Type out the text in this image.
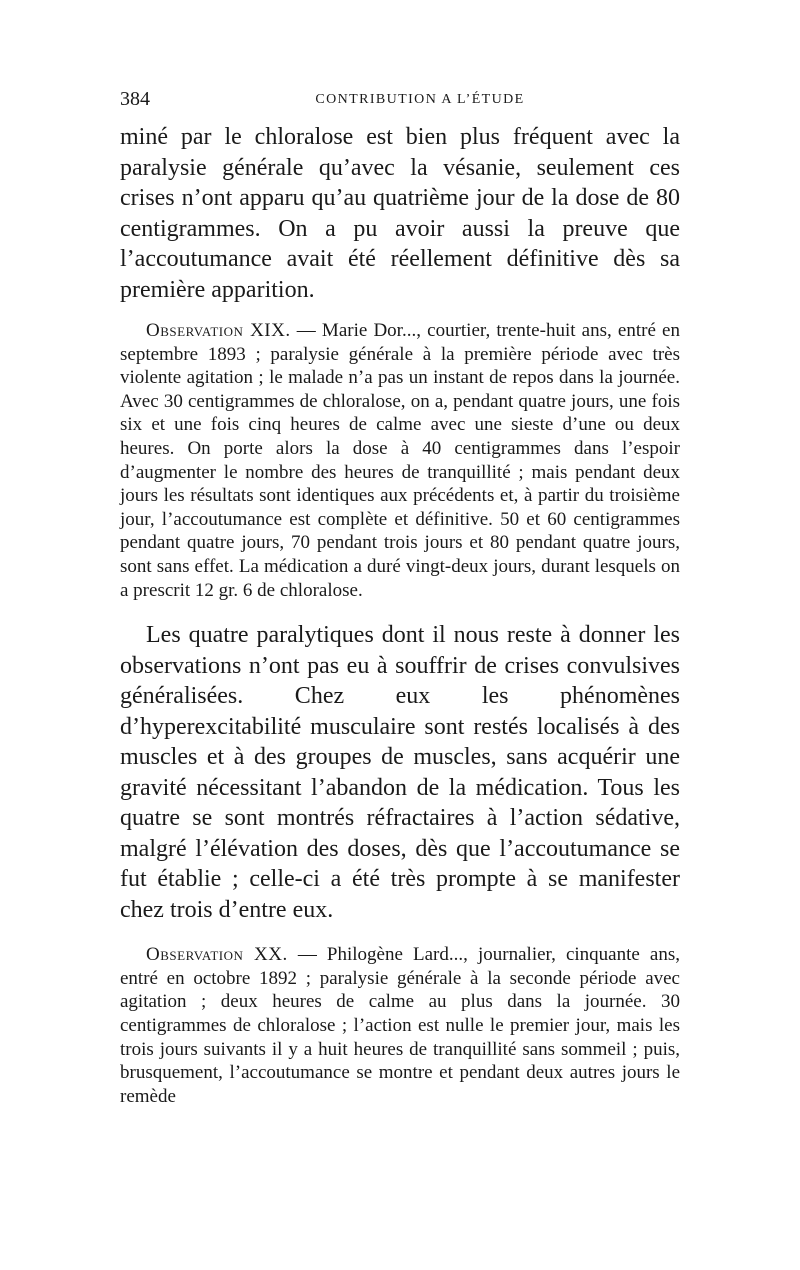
384	CONTRIBUTION A L’ÉTUDE

miné par le chloralose est bien plus fréquent avec la paralysie générale qu’avec la vésanie, seulement ces crises n’ont apparu qu’au quatrième jour de la dose de 80 centigrammes. On a pu avoir aussi la preuve que l’accoutumance avait été réellement définitive dès sa première apparition.

Observation XIX. — Marie Dor..., courtier, trente-huit ans, entré en septembre 1893 ; paralysie générale à la première période avec très violente agitation ; le malade n’a pas un instant de repos dans la journée. Avec 30 centigrammes de chloralose, on a, pendant quatre jours, une fois six et une fois cinq heures de calme avec une sieste d’une ou deux heures. On porte alors la dose à 40 centigrammes dans l’espoir d’augmenter le nombre des heures de tranquillité ; mais pendant deux jours les résultats sont identiques aux précédents et, à partir du troisième jour, l’accoutumance est complète et définitive. 50 et 60 centigrammes pendant quatre jours, 70 pendant trois jours et 80 pendant quatre jours, sont sans effet. La médication a duré vingt-deux jours, durant lesquels on a prescrit 12 gr. 6 de chloralose.

Les quatre paralytiques dont il nous reste à donner les observations n’ont pas eu à souffrir de crises convulsives généralisées. Chez eux les phénomènes d’hyperexcitabilité musculaire sont restés localisés à des muscles et à des groupes de muscles, sans acquérir une gravité nécessitant l’abandon de la médication. Tous les quatre se sont montrés réfractaires à l’action sédative, malgré l’élévation des doses, dès que l’accoutumance se fut établie ; celle-ci a été très prompte à se manifester chez trois d’entre eux.

Observation XX. — Philogène Lard..., journalier, cinquante ans, entré en octobre 1892 ; paralysie générale à la seconde période avec agitation ; deux heures de calme au plus dans la journée. 30 centigrammes de chloralose ; l’action est nulle le premier jour, mais les trois jours suivants il y a huit heures de tranquillité sans sommeil ; puis, brusquement, l’accoutumance se montre et pendant deux autres jours le remède
